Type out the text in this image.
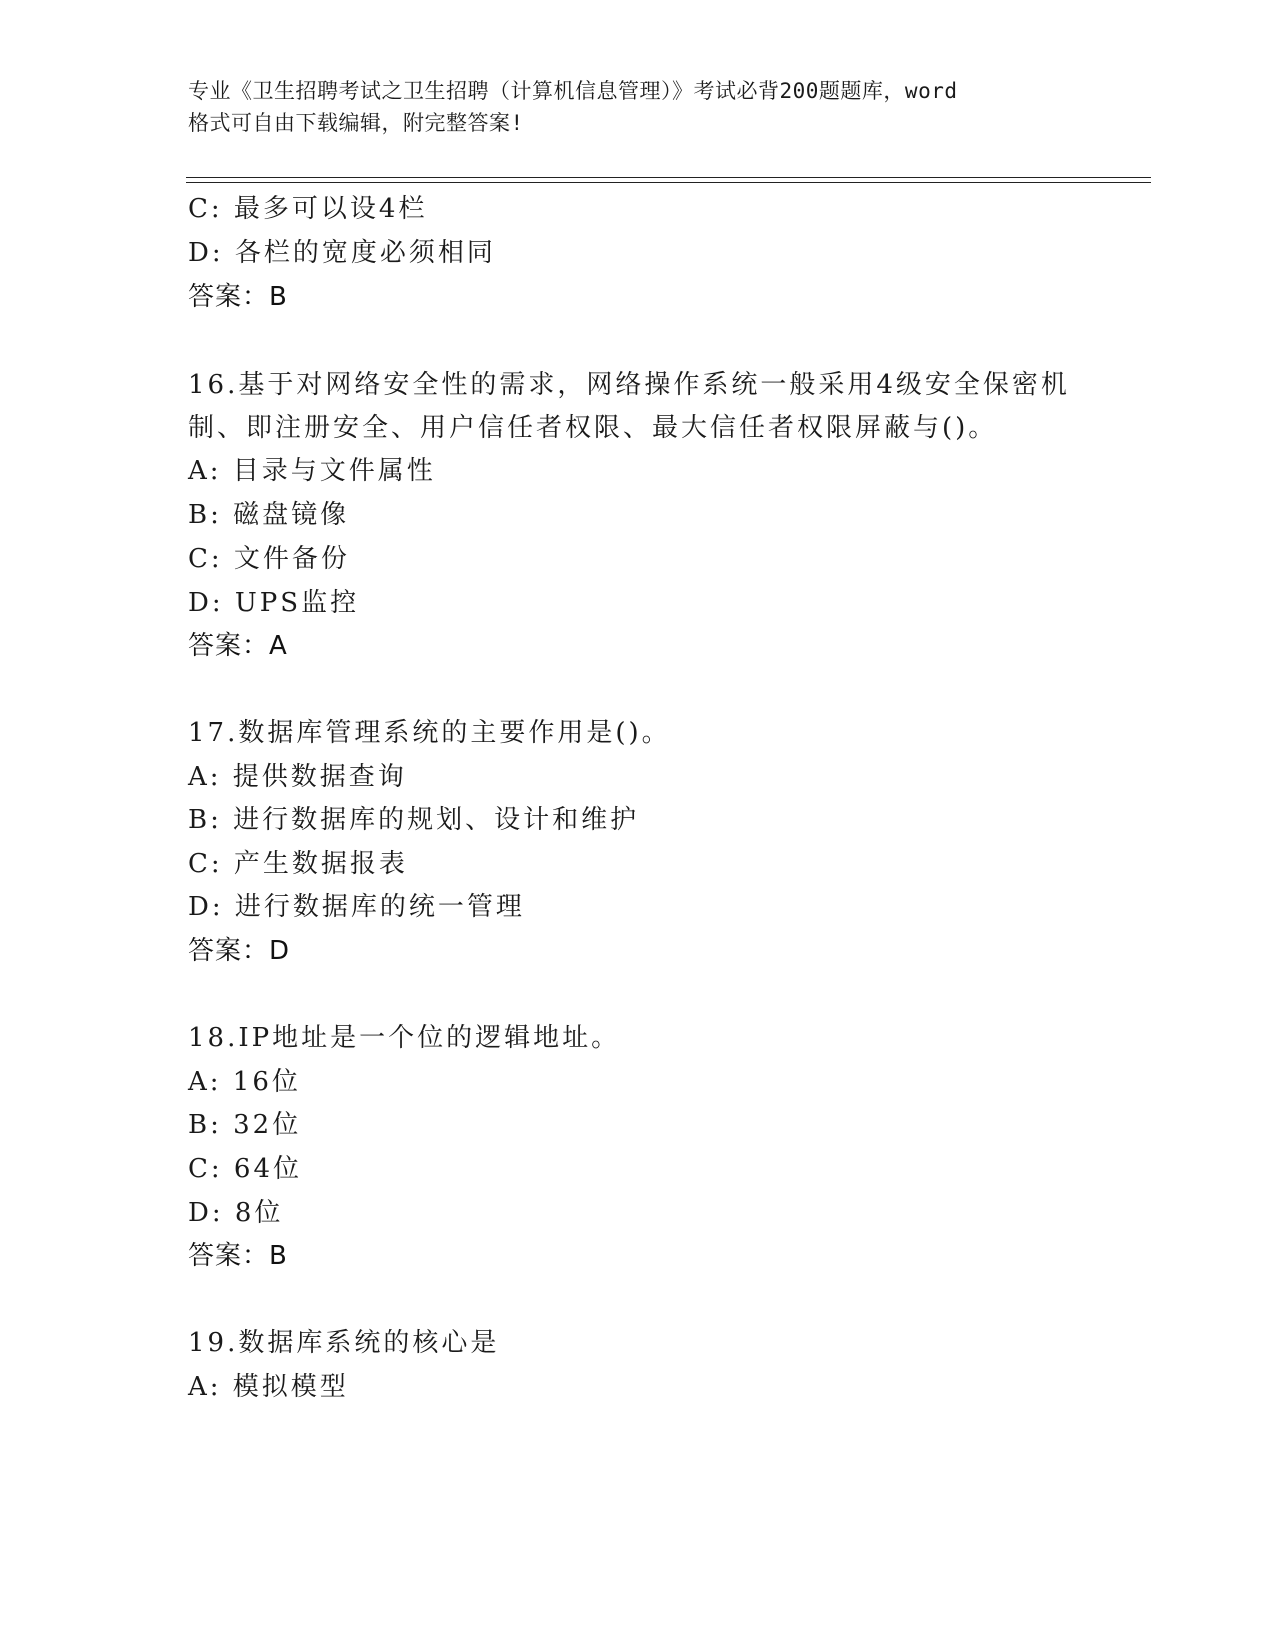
专业《卫生招聘考试之卫生招聘（计算机信息管理）》考试必背200题题库，word
格式可自由下载编辑，附完整答案!
C: 最多可以设4栏
D: 各栏的宽度必须相同
答案：B
16.基于对网络安全性的需求，网络操作系统一般采用4级安全保密机
制、即注册安全、用户信任者权限、最大信任者权限屏蔽与()。
A: 目录与文件属性
B: 磁盘镜像
C: 文件备份
D: UPS监控
答案：A
17.数据库管理系统的主要作用是()。
A: 提供数据查询
B: 进行数据库的规划、设计和维护
C: 产生数据报表
D: 进行数据库的统一管理
答案：D
18.IP地址是一个位的逻辑地址。
A: 16位
B: 32位
C: 64位
D: 8位
答案：B
19.数据库系统的核心是
A: 模拟模型
